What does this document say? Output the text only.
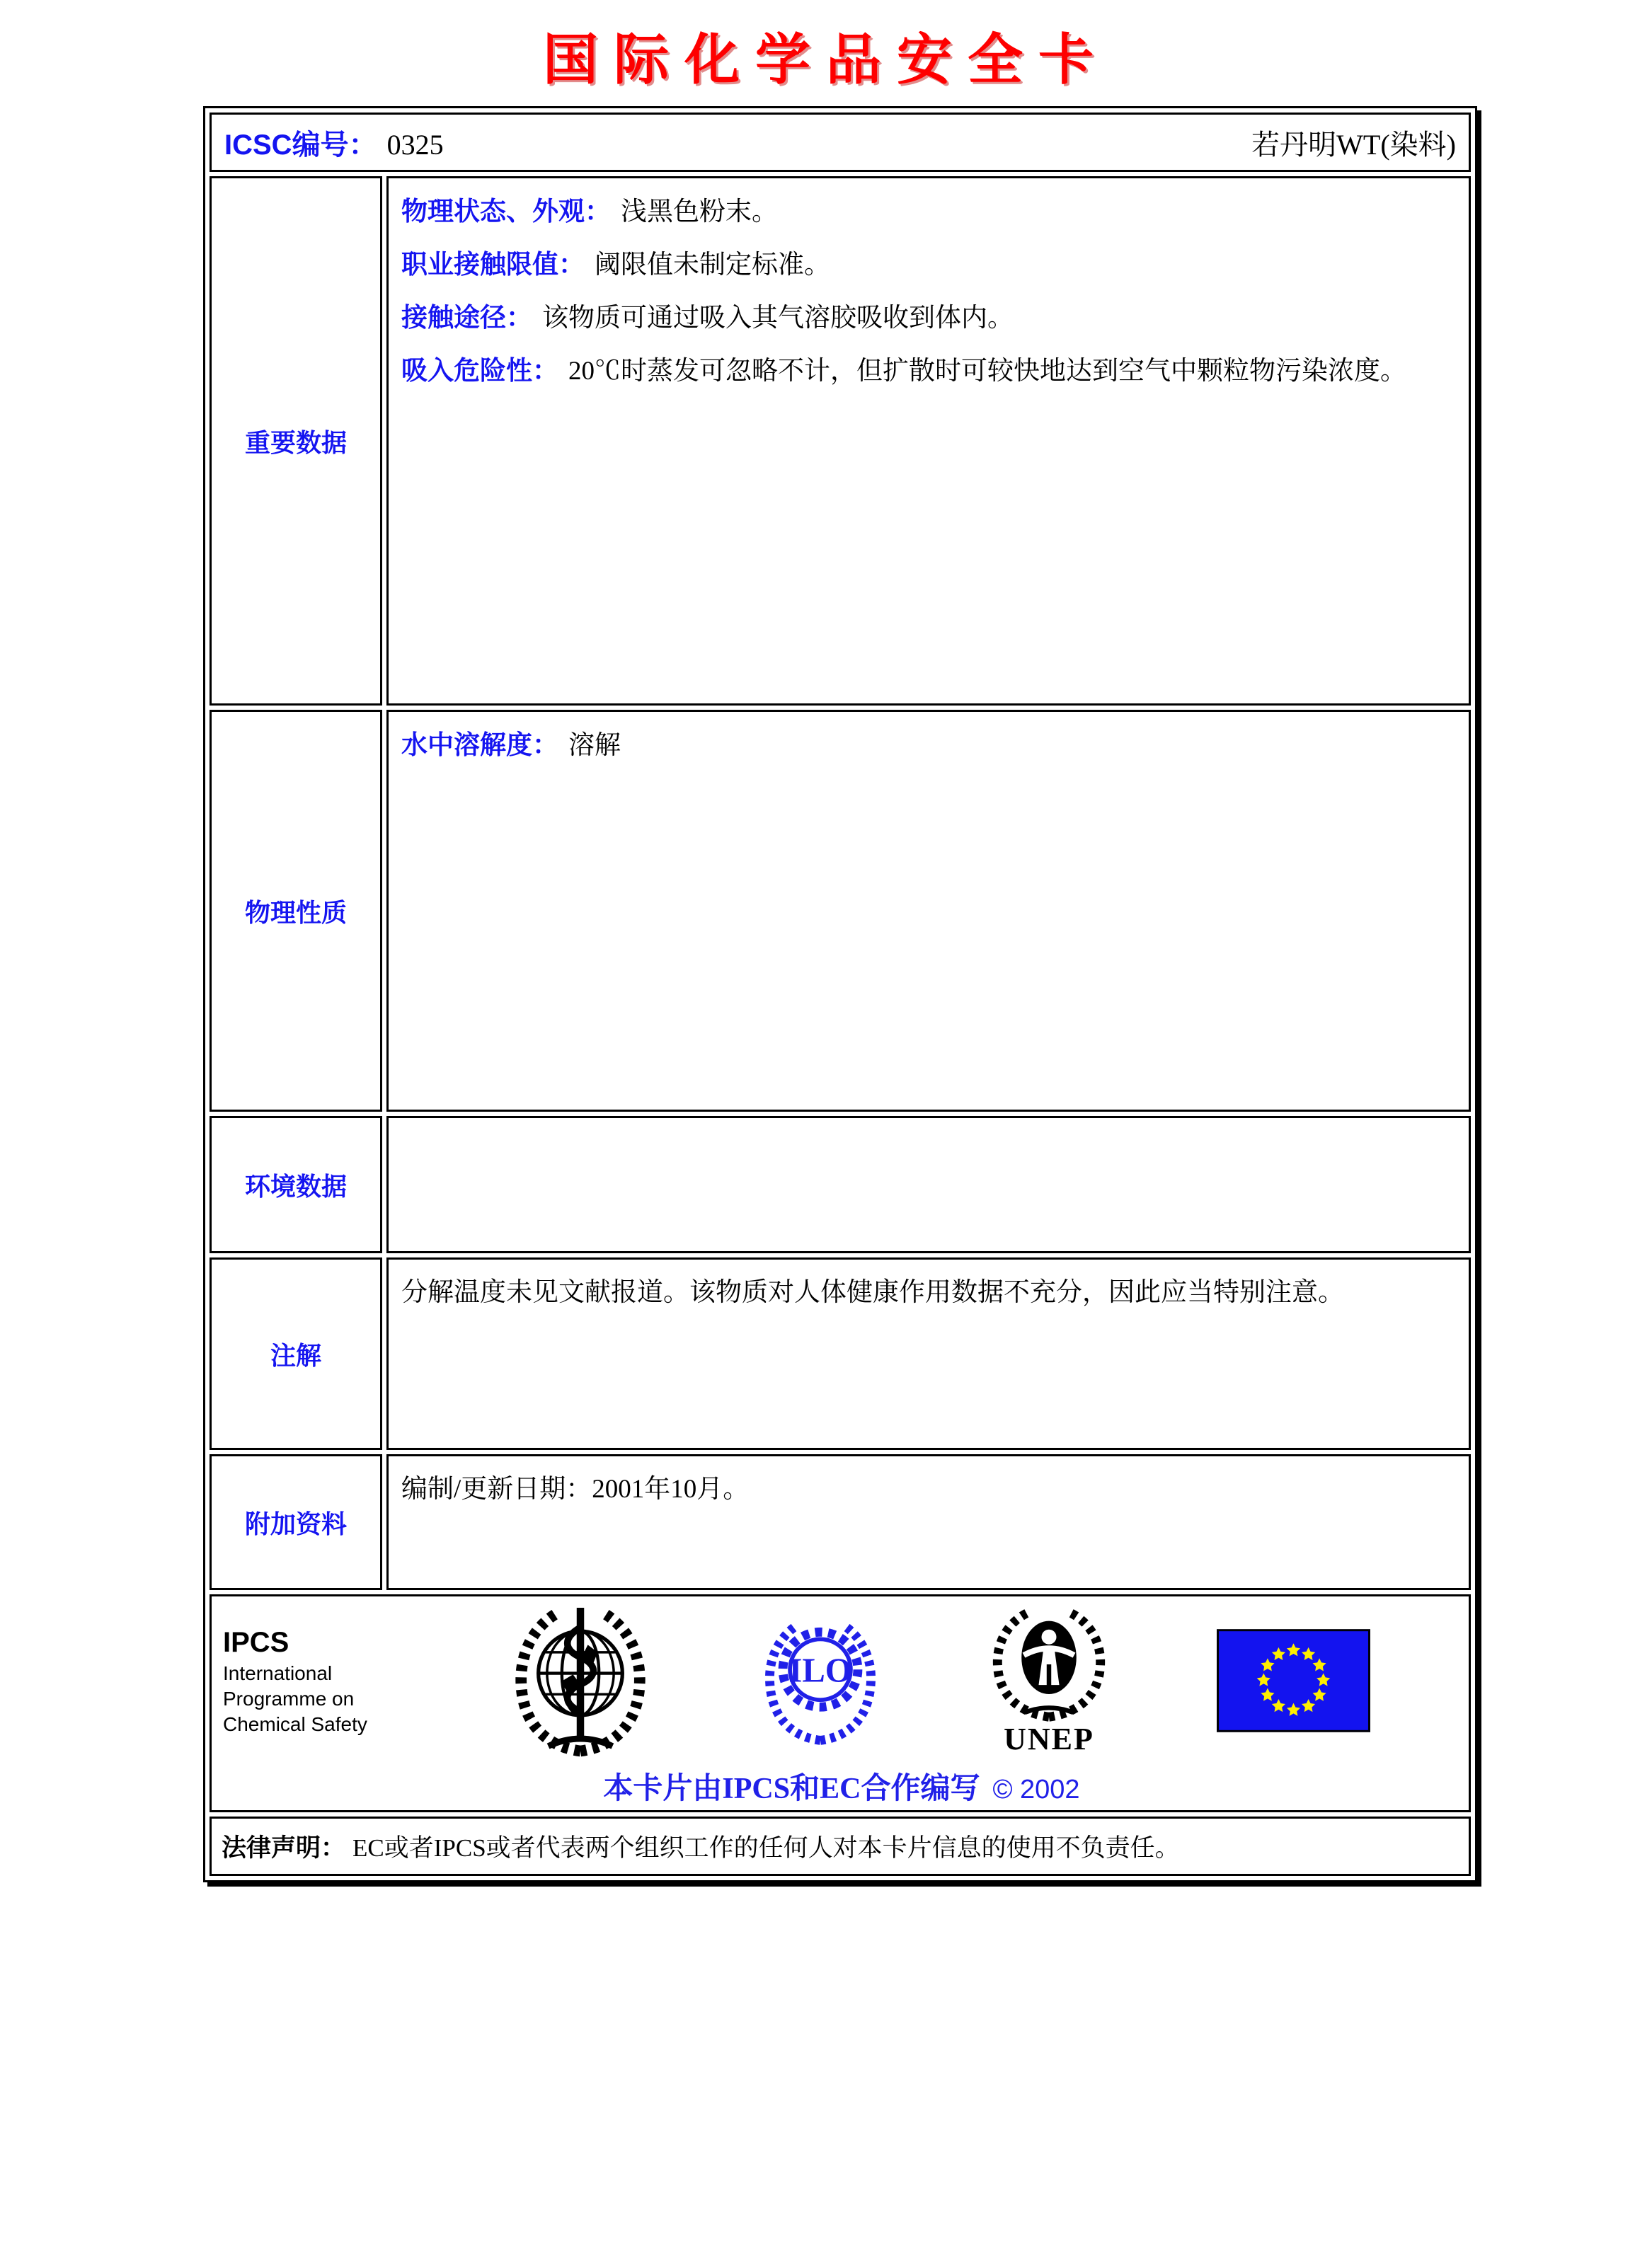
国际化学品安全卡
ICSC编号： 0325 若丹明WT(染料)	

重要数据	物理状态、外观： 浅黑色粉末。

职业接触限值： 阈限值未制定标准。

接触途径： 该物质可通过吸入其气溶胶吸收到体内。

吸入危险性： 20℃时蒸发可忽略不计，但扩散时可较快地达到空气中颗粒物污染浓度。

物理性质	水中溶解度： 溶解

环境数据	
注解	分解温度未见文献报道。该物质对人体健康作用数据不充分，因此应当特别注意。

附加资料	编制/更新日期：2001年10月。

IPCS
International
Programme on
Chemical Safety
ILO
UNEP
本卡片由IPCS和EC合作编写 © 2002

法律声明： EC或者IPCS或者代表两个组织工作的任何人对本卡片信息的使用不负责任。	
